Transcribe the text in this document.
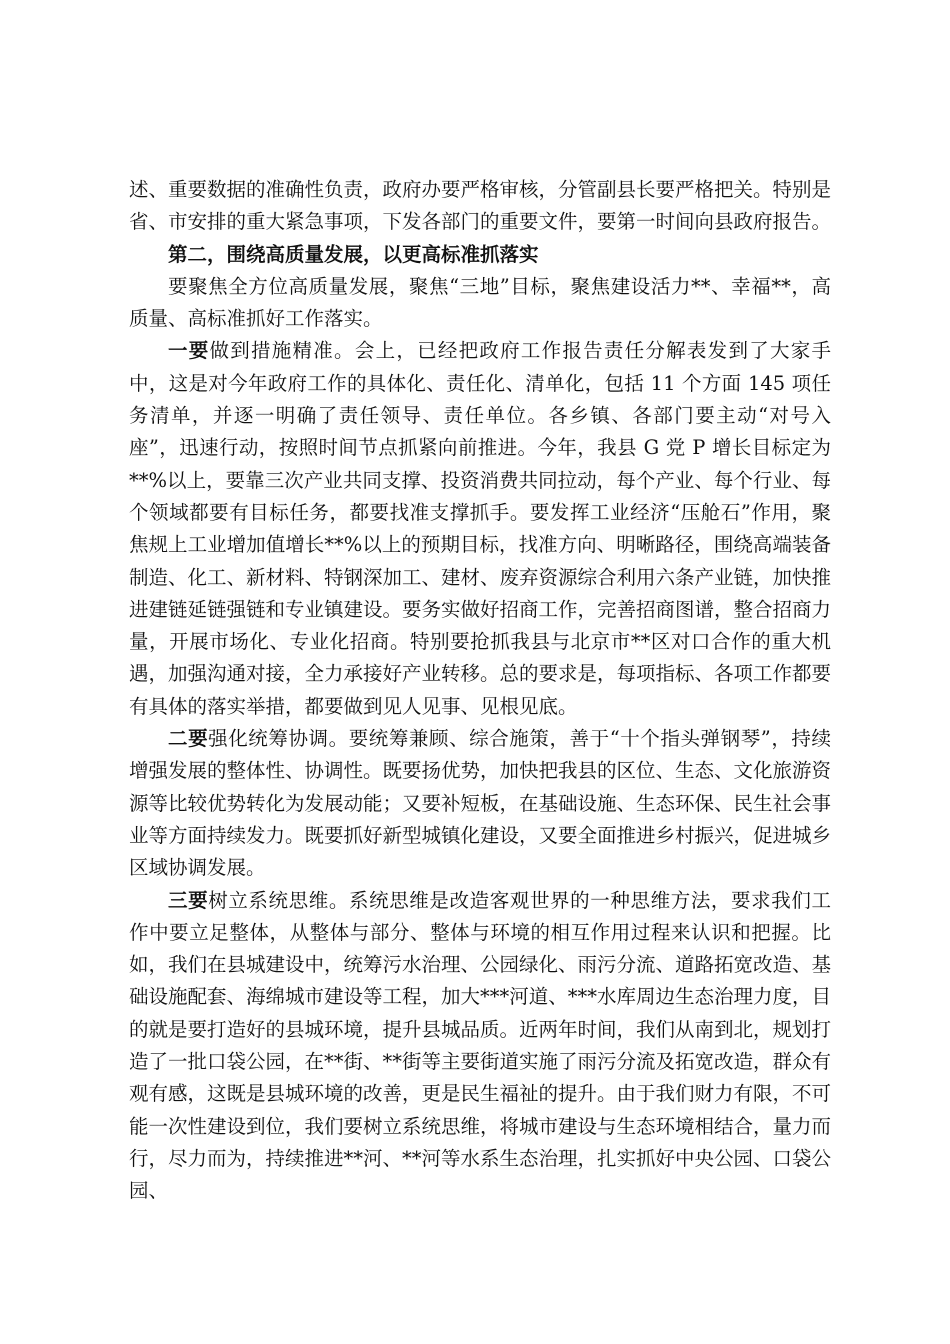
述、重要数据的准确性负责，政府办要严格审核，分管副县长要严格把关。特别是省、市安排的重大紧急事项，下发各部门的重要文件，要第一时间向县政府报告。

第二，围绕高质量发展，以更高标准抓落实

要聚焦全方位高质量发展，聚焦“三地”目标，聚焦建设活力**、幸福**，高质量、高标准抓好工作落实。

一要做到措施精准。会上，已经把政府工作报告责任分解表发到了大家手中，这是对今年政府工作的具体化、责任化、清单化，包括 11 个方面 145 项任务清单，并逐一明确了责任领导、责任单位。各乡镇、各部门要主动“对号入座”，迅速行动，按照时间节点抓紧向前推进。今年，我县 G 党 P 增长目标定为**%以上，要靠三次产业共同支撑、投资消费共同拉动，每个产业、每个行业、每个领域都要有目标任务，都要找准支撑抓手。要发挥工业经济“压舱石”作用，聚焦规上工业增加值增长**%以上的预期目标，找准方向、明晰路径，围绕高端装备制造、化工、新材料、特钢深加工、建材、废弃资源综合利用六条产业链，加快推进建链延链强链和专业镇建设。要务实做好招商工作，完善招商图谱，整合招商力量，开展市场化、专业化招商。特别要抢抓我县与北京市**区对口合作的重大机遇，加强沟通对接，全力承接好产业转移。总的要求是，每项指标、各项工作都要有具体的落实举措，都要做到见人见事、见根见底。

二要强化统筹协调。要统筹兼顾、综合施策，善于“十个指头弹钢琴”，持续增强发展的整体性、协调性。既要扬优势，加快把我县的区位、生态、文化旅游资源等比较优势转化为发展动能；又要补短板，在基础设施、生态环保、民生社会事业等方面持续发力。既要抓好新型城镇化建设，又要全面推进乡村振兴，促进城乡区域协调发展。

三要树立系统思维。系统思维是改造客观世界的一种思维方法，要求我们工作中要立足整体，从整体与部分、整体与环境的相互作用过程来认识和把握。比如，我们在县城建设中，统筹污水治理、公园绿化、雨污分流、道路拓宽改造、基础设施配套、海绵城市建设等工程，加大***河道、***水库周边生态治理力度，目的就是要打造好的县城环境，提升县城品质。近两年时间，我们从南到北，规划打造了一批口袋公园，在**街、**街等主要街道实施了雨污分流及拓宽改造，群众有观有感，这既是县城环境的改善，更是民生福祉的提升。由于我们财力有限，不可能一次性建设到位，我们要树立系统思维，将城市建设与生态环境相结合，量力而行，尽力而为，持续推进**河、**河等水系生态治理，扎实抓好中央公园、口袋公园、
